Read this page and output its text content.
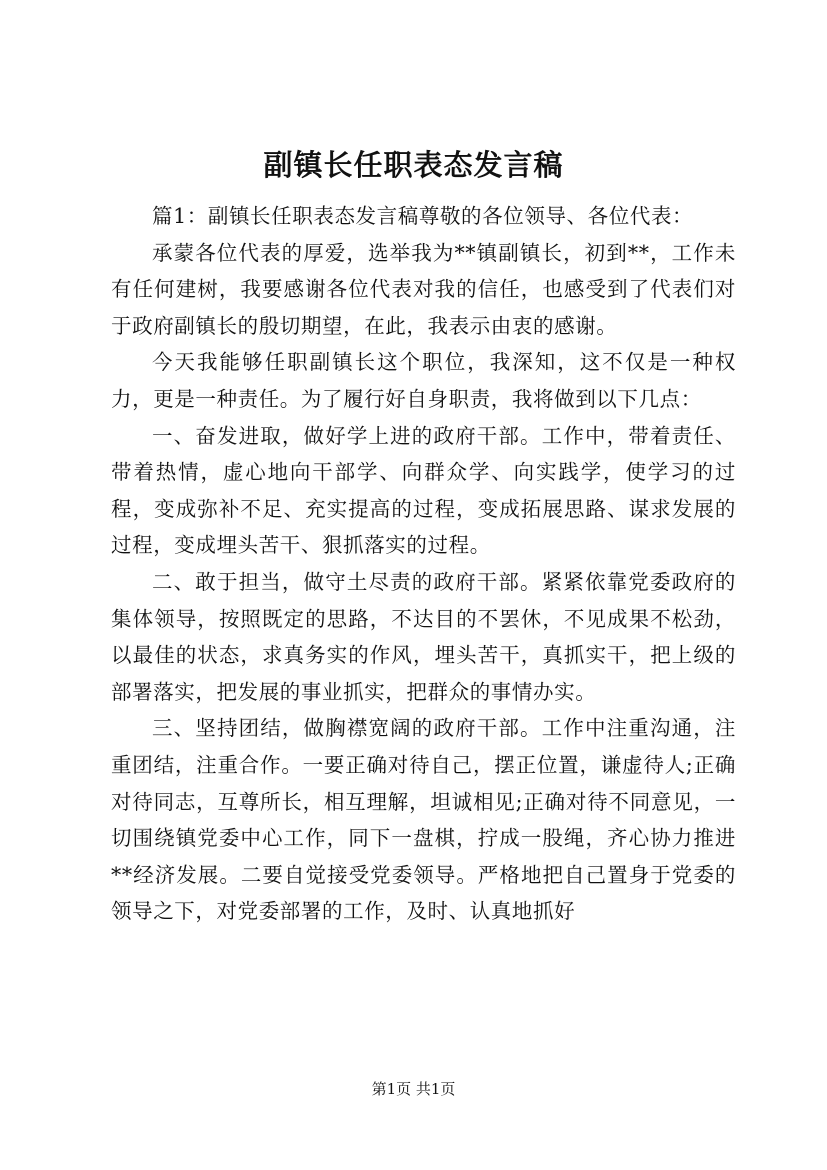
副镇长任职表态发言稿

篇1：副镇长任职表态发言稿尊敬的各位领导、各位代表：

承蒙各位代表的厚爱，选举我为**镇副镇长，初到**，工作未有任何建树，我要感谢各位代表对我的信任，也感受到了代表们对于政府副镇长的殷切期望，在此，我表示由衷的感谢。

今天我能够任职副镇长这个职位，我深知，这不仅是一种权力，更是一种责任。为了履行好自身职责，我将做到以下几点：

一、奋发进取，做好学上进的政府干部。工作中，带着责任、带着热情，虚心地向干部学、向群众学、向实践学，使学习的过程，变成弥补不足、充实提高的过程，变成拓展思路、谋求发展的过程，变成埋头苦干、狠抓落实的过程。

二、敢于担当，做守土尽责的政府干部。紧紧依靠党委政府的集体领导，按照既定的思路，不达目的不罢休，不见成果不松劲，以最佳的状态，求真务实的作风，埋头苦干，真抓实干，把上级的部署落实，把发展的事业抓实，把群众的事情办实。

三、坚持团结，做胸襟宽阔的政府干部。工作中注重沟通，注重团结，注重合作。一要正确对待自己，摆正位置，谦虚待人;正确对待同志，互尊所长，相互理解，坦诚相见;正确对待不同意见，一切围绕镇党委中心工作，同下一盘棋，拧成一股绳，齐心协力推进**经济发展。二要自觉接受党委领导。严格地把自己置身于党委的领导之下，对党委部署的工作，及时、认真地抓好

第1页 共1页
